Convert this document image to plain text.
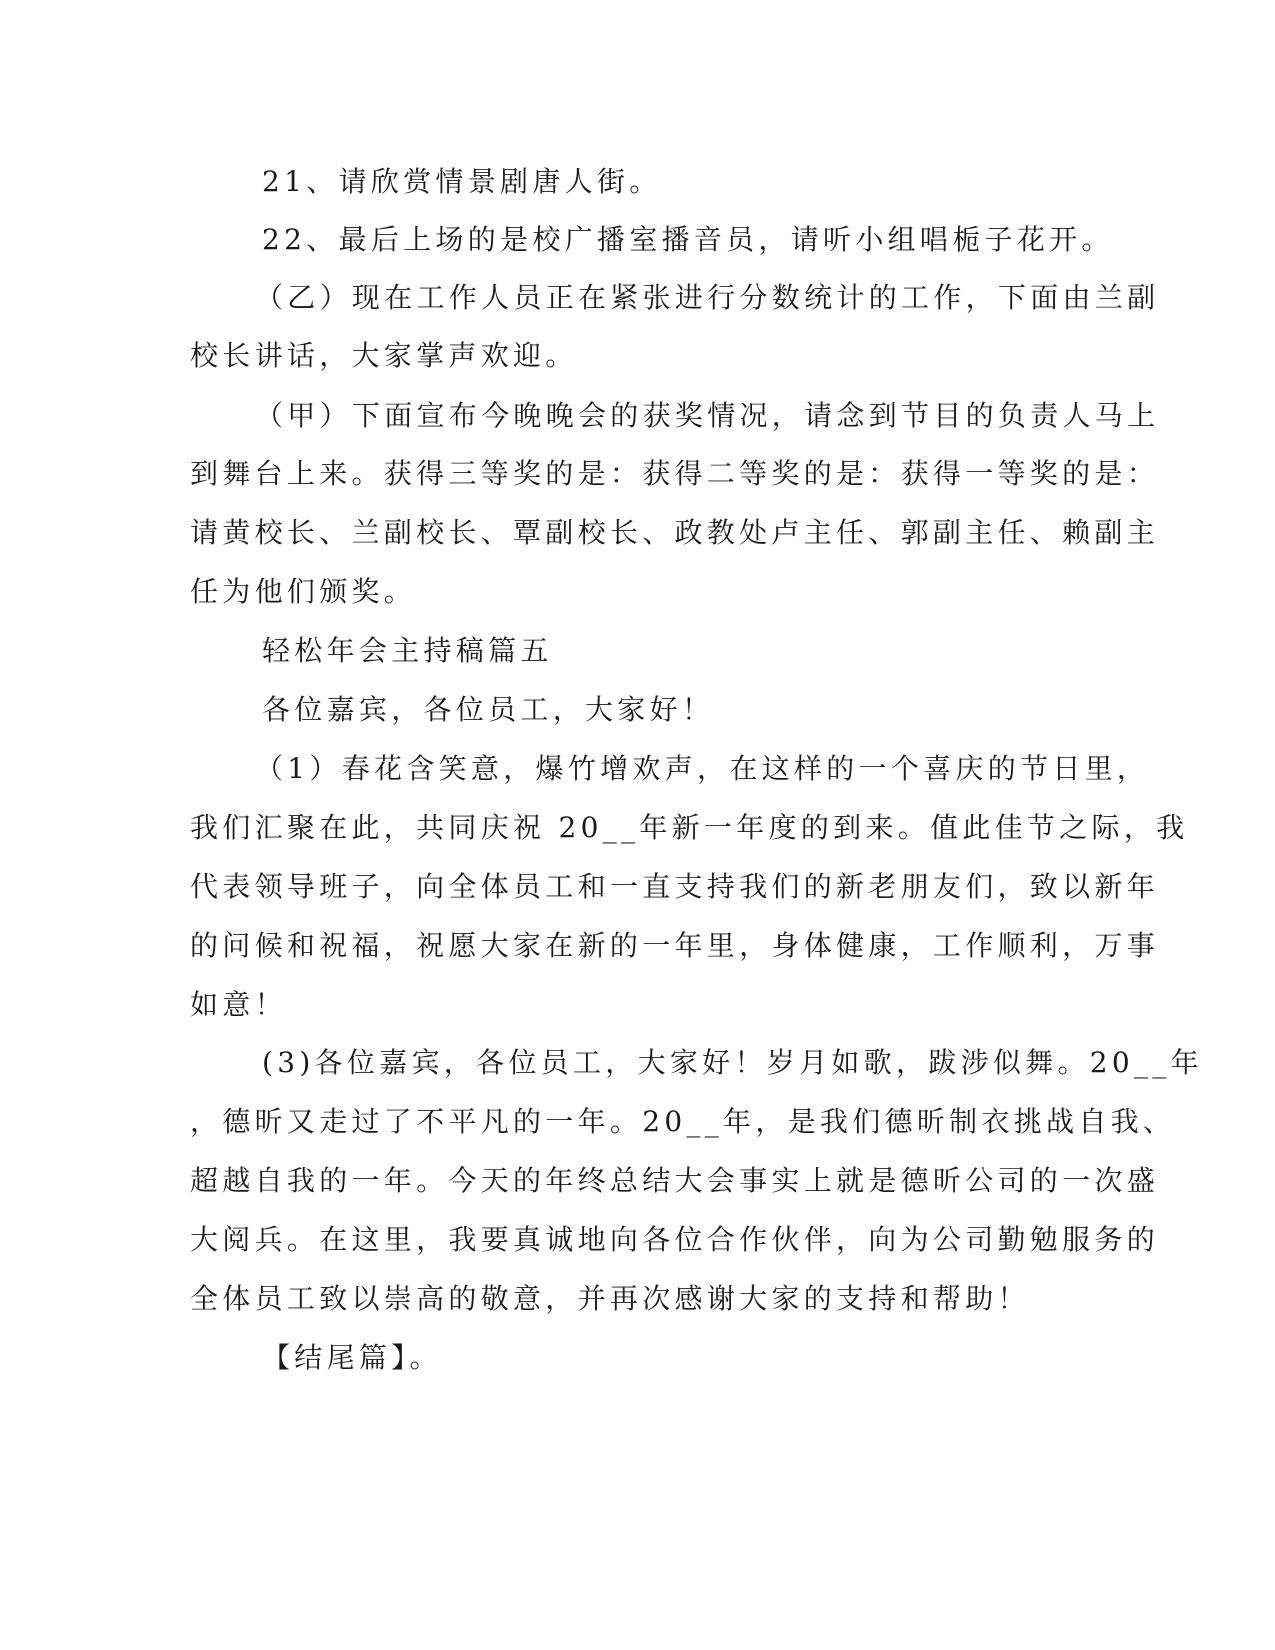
21、请欣赏情景剧唐人街。
22、最后上场的是校广播室播音员，请听小组唱栀子花开。
（乙）现在工作人员正在紧张进行分数统计的工作，下面由兰副
校长讲话，大家掌声欢迎。
（甲）下面宣布今晚晚会的获奖情况，请念到节目的负责人马上
到舞台上来。获得三等奖的是：获得二等奖的是：获得一等奖的是：
请黄校长、兰副校长、覃副校长、政教处卢主任、郭副主任、赖副主
任为他们颁奖。
轻松年会主持稿篇五
各位嘉宾，各位员工，大家好！
（1）春花含笑意，爆竹增欢声，在这样的一个喜庆的节日里，
我们汇聚在此，共同庆祝 20__年新一年度的到来。值此佳节之际，我
代表领导班子，向全体员工和一直支持我们的新老朋友们，致以新年
的问候和祝福，祝愿大家在新的一年里，身体健康，工作顺利，万事
如意！
(3)各位嘉宾，各位员工，大家好！岁月如歌，跋涉似舞。20__年
，德昕又走过了不平凡的一年。20__年，是我们德昕制衣挑战自我、
超越自我的一年。今天的年终总结大会事实上就是德昕公司的一次盛
大阅兵。在这里，我要真诚地向各位合作伙伴，向为公司勤勉服务的
全体员工致以崇高的敬意，并再次感谢大家的支持和帮助！
【结尾篇】。
